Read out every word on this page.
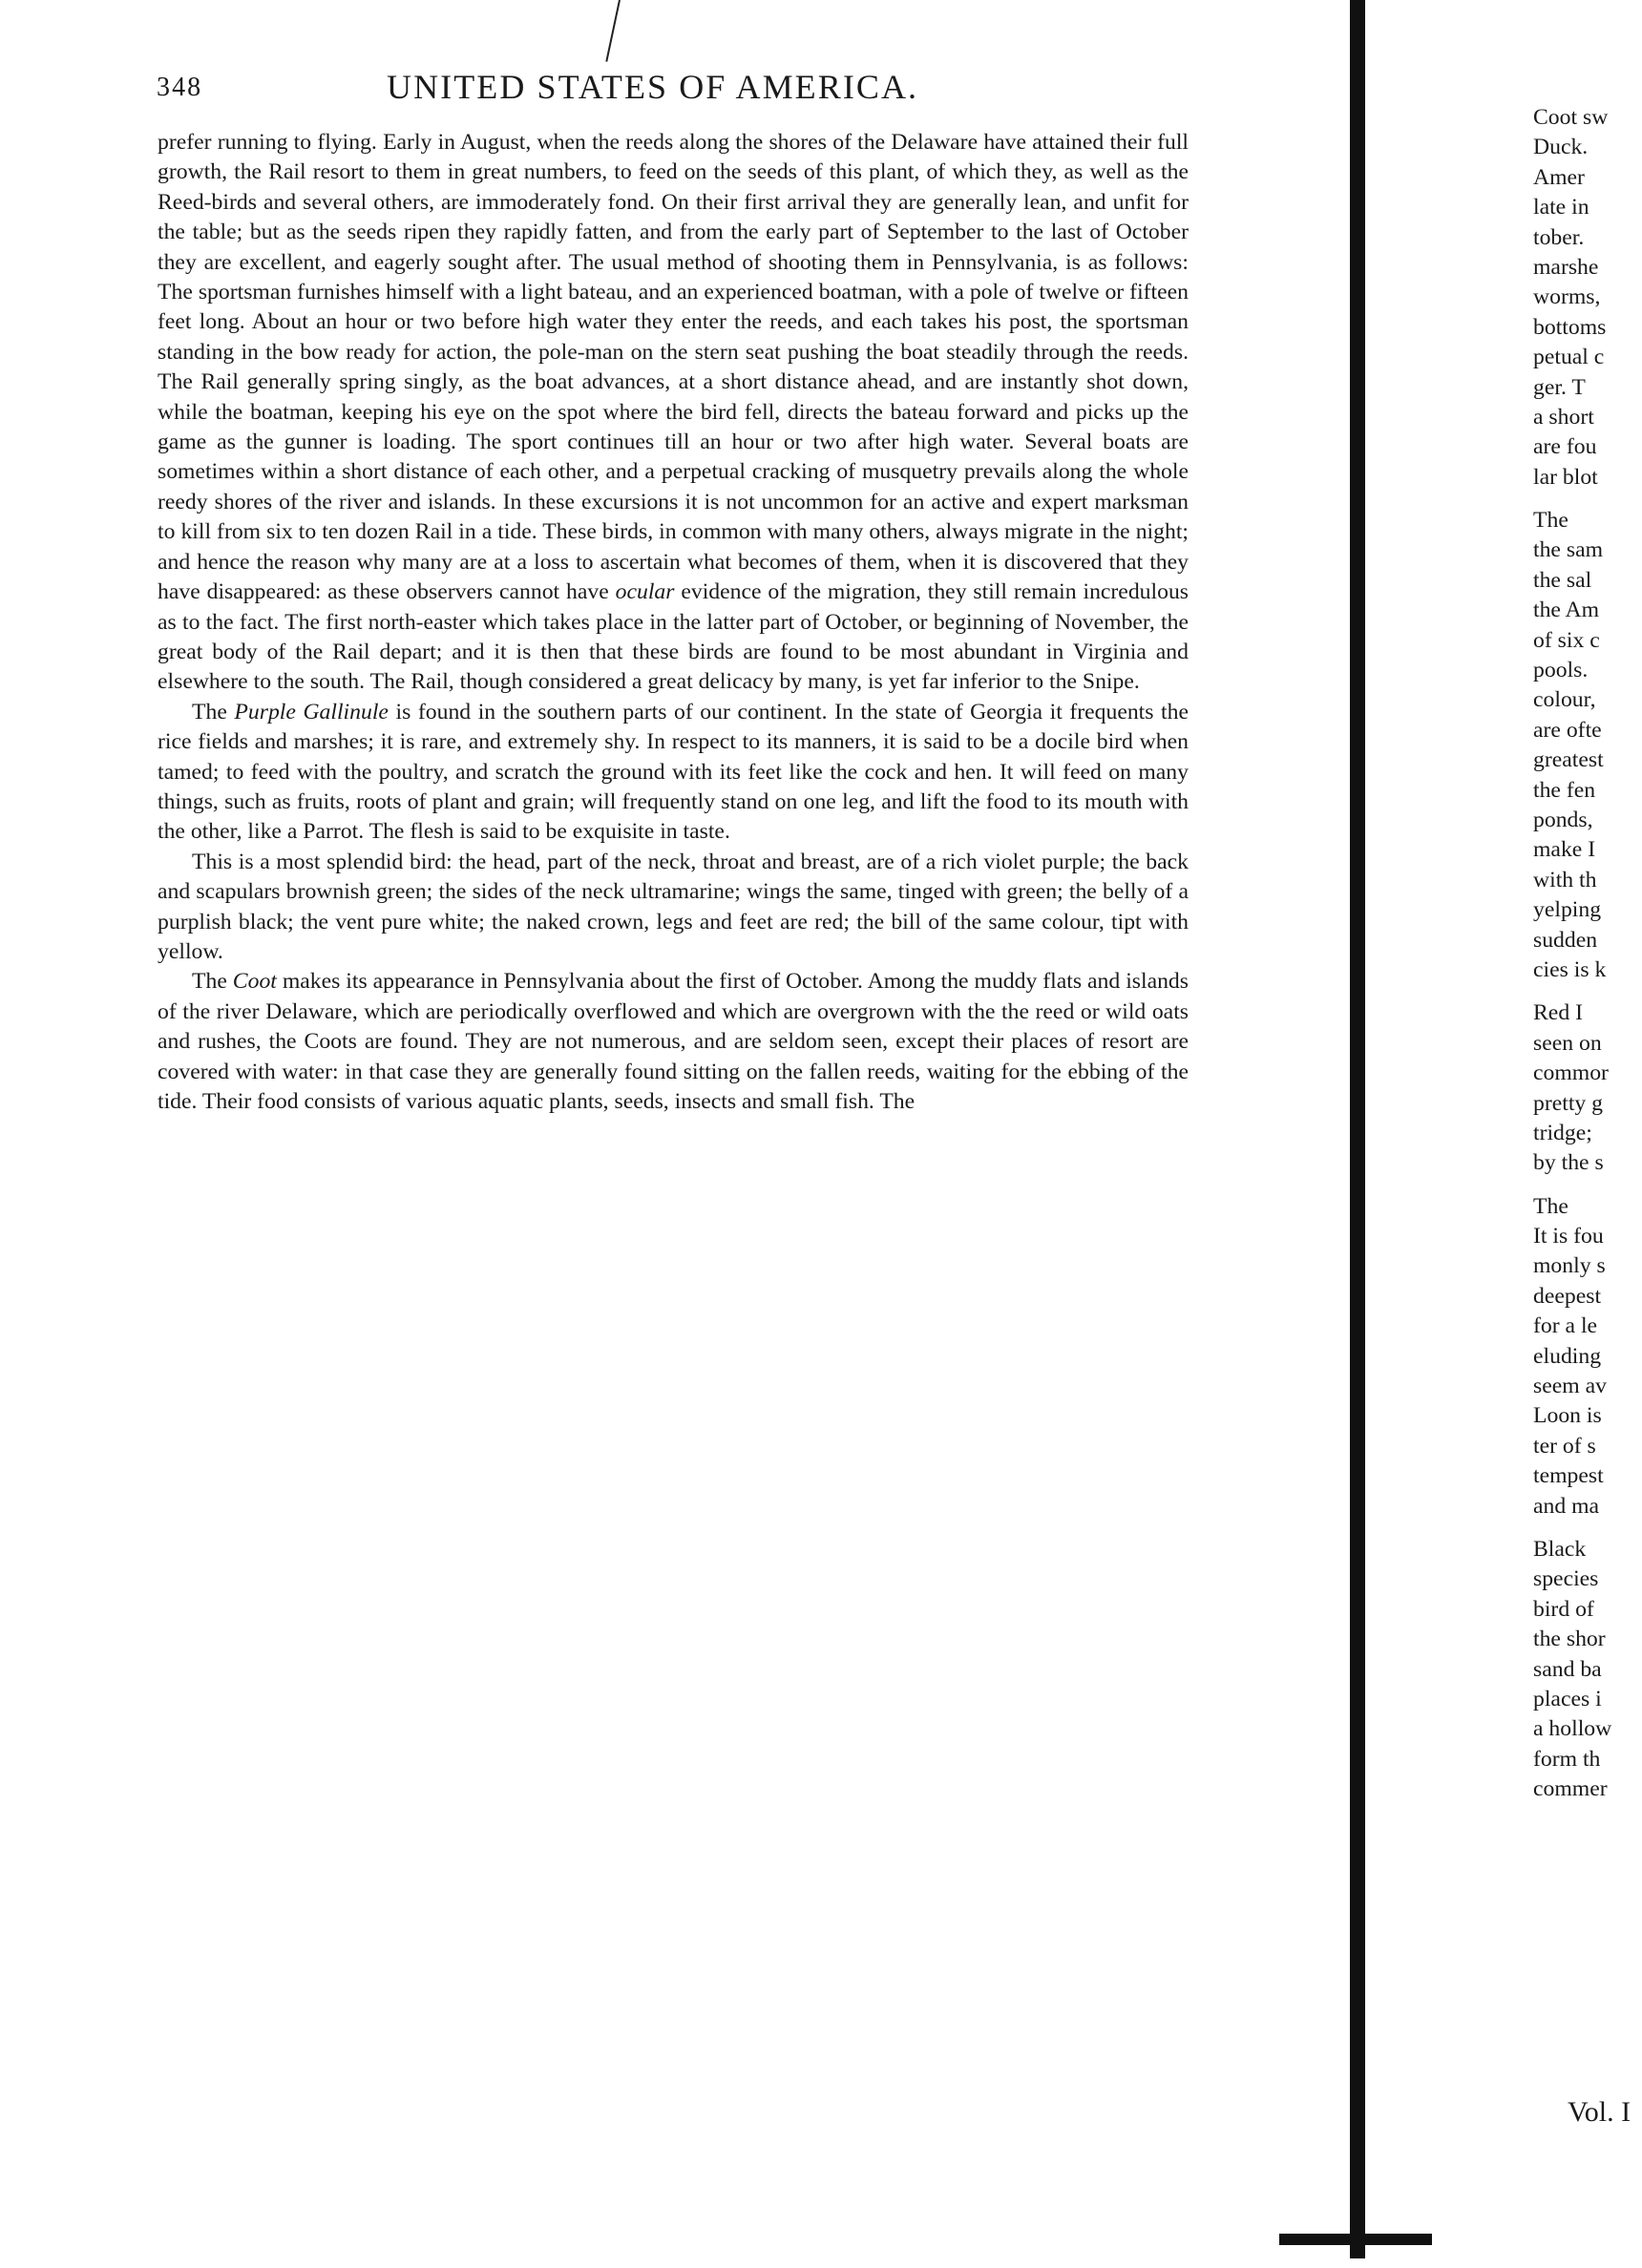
348	UNITED STATES OF AMERICA.

prefer running to flying. Early in August, when the reeds along the shores of the Delaware have attained their full growth, the Rail resort to them in great numbers, to feed on the seeds of this plant, of which they, as well as the Reed-birds and several others, are immoderately fond. On their first arrival they are generally lean, and unfit for the table; but as the seeds ripen they rapidly fatten, and from the early part of September to the last of October they are excellent, and eagerly sought after. The usual method of shooting them in Pennsylvania, is as follows: The sportsman furnishes himself with a light bateau, and an experienced boatman, with a pole of twelve or fifteen feet long. About an hour or two before high water they enter the reeds, and each takes his post, the sportsman standing in the bow ready for action, the pole-man on the stern seat pushing the boat steadily through the reeds. The Rail generally spring singly, as the boat advances, at a short distance ahead, and are instantly shot down, while the boatman, keeping his eye on the spot where the bird fell, directs the bateau forward and picks up the game as the gunner is loading. The sport continues till an hour or two after high water. Several boats are sometimes within a short distance of each other, and a perpetual cracking of musquetry prevails along the whole reedy shores of the river and islands. In these excursions it is not uncommon for an active and expert marksman to kill from six to ten dozen Rail in a tide. These birds, in common with many others, always migrate in the night; and hence the reason why many are at a loss to ascertain what becomes of them, when it is discovered that they have disappeared: as these observers cannot have ocular evidence of the migration, they still remain incredulous as to the fact. The first north-easter which takes place in the latter part of October, or beginning of November, the great body of the Rail depart; and it is then that these birds are found to be most abundant in Virginia and elsewhere to the south. The Rail, though considered a great delicacy by many, is yet far inferior to the Snipe.

The Purple Gallinule is found in the southern parts of our continent. In the state of Georgia it frequents the rice fields and marshes; it is rare, and extremely shy. In respect to its manners, it is said to be a docile bird when tamed; to feed with the poultry, and scratch the ground with its feet like the cock and hen. It will feed on many things, such as fruits, roots of plant and grain; will frequently stand on one leg, and lift the food to its mouth with the other, like a Parrot. The flesh is said to be exquisite in taste.

This is a most splendid bird: the head, part of the neck, throat and breast, are of a rich violet purple; the back and scapulars brownish green; the sides of the neck ultramarine; wings the same, tinged with green; the belly of a purplish black; the vent pure white; the naked crown, legs and feet are red; the bill of the same colour, tipt with yellow.

The Coot makes its appearance in Pennsylvania about the first of October. Among the muddy flats and islands of the river Delaware, which are periodically overflowed and which are overgrown with the the reed or wild oats and rushes, the Coots are found. They are not numerous, and are seldom seen, except their places of resort are covered with water: in that case they are generally found sitting on the fallen reeds, waiting for the ebbing of the tide. Their food consists of various aquatic plants, seeds, insects and small fish. The

Coot sw
Duck.
Amer
late in
tober.
marshe
worms,
bottoms
petual c
ger. T
a short
are fou
lar blot
The
the sam
the sal
the Am
of six c
pools.
colour,
are ofte
greatest
the fen
ponds,
make I
with th
yelping
sudden
cies is k
Red I
seen on
commor
pretty g
tridge;
by the s
The
It is fou
monly s
deepest
for a le
eluding
seem av
Loon is
ter of s
tempest
and ma
Black
species
bird of
the shor
sand ba
places i
a hollow
form th
commer
Vol. I
